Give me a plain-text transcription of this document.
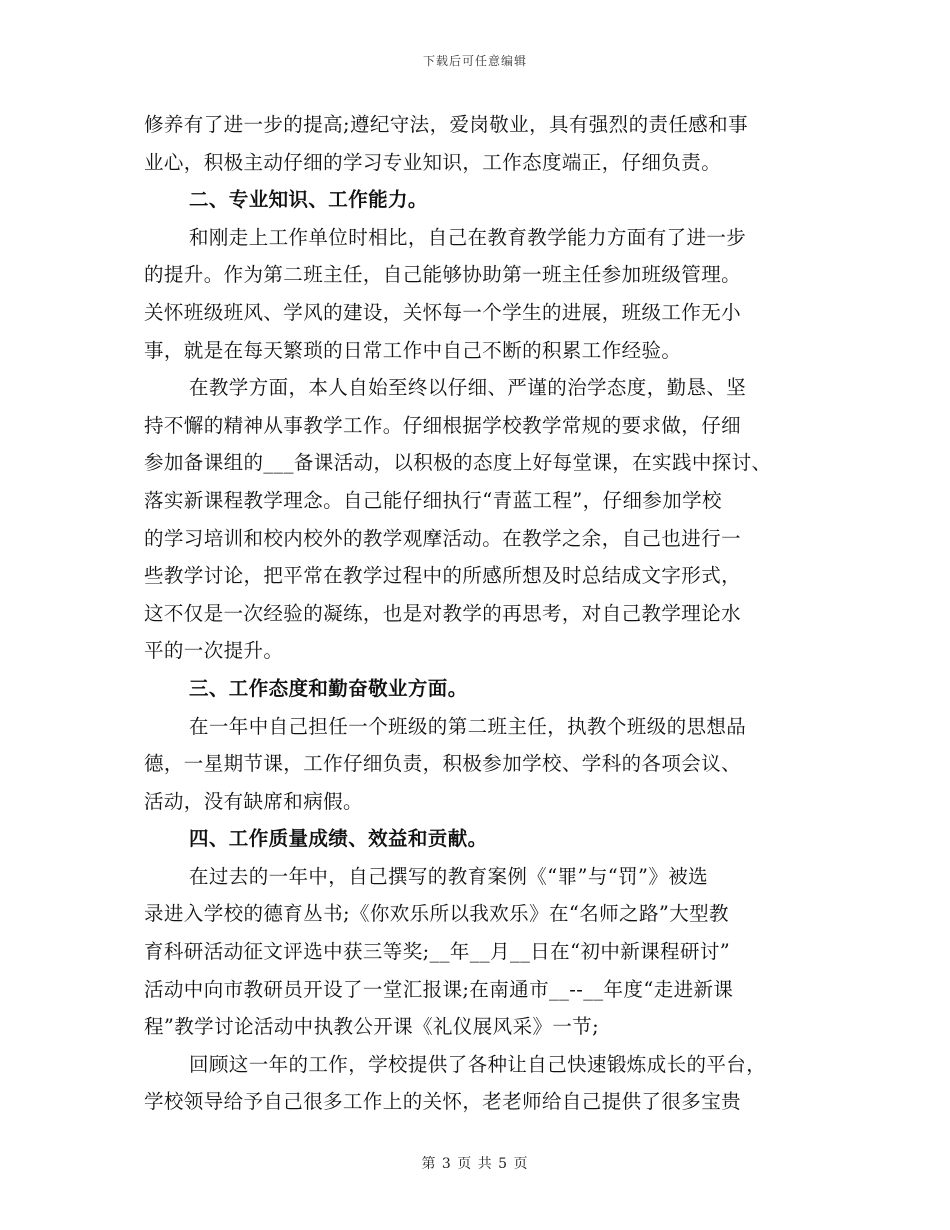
下载后可任意编辑
修养有了进一步的提高;遵纪守法，爱岗敬业，具有强烈的责任感和事
业心，积极主动仔细的学习专业知识，工作态度端正，仔细负责。
二、专业知识、工作能力。
和刚走上工作单位时相比，自己在教育教学能力方面有了进一步
的提升。作为第二班主任，自己能够协助第一班主任参加班级管理。
关怀班级班风、学风的建设，关怀每一个学生的进展，班级工作无小
事，就是在每天繁琐的日常工作中自己不断的积累工作经验。
在教学方面，本人自始至终以仔细、严谨的治学态度，勤恳、坚
持不懈的精神从事教学工作。仔细根据学校教学常规的要求做，仔细
参加备课组的___备课活动，以积极的态度上好每堂课，在实践中探讨、
落实新课程教学理念。自己能仔细执行“青蓝工程”，仔细参加学校
的学习培训和校内校外的教学观摩活动。在教学之余，自己也进行一
些教学讨论，把平常在教学过程中的所感所想及时总结成文字形式，
这不仅是一次经验的凝练，也是对教学的再思考，对自己教学理论水
平的一次提升。
三、工作态度和勤奋敬业方面。
在一年中自己担任一个班级的第二班主任，执教个班级的思想品
德，一星期节课，工作仔细负责，积极参加学校、学科的各项会议、
活动，没有缺席和病假。
四、工作质量成绩、效益和贡献。
在过去的一年中，自己撰写的教育案例《“罪”与“罚”》被选
录进入学校的德育丛书;《你欢乐所以我欢乐》在“名师之路”大型教
育科研活动征文评选中获三等奖;__年__月__日在“初中新课程研讨”
活动中向市教研员开设了一堂汇报课;在南通市__--__年度“走进新课
程”教学讨论活动中执教公开课《礼仪展风采》一节;
回顾这一年的工作，学校提供了各种让自己快速锻炼成长的平台，
学校领导给予自己很多工作上的关怀，老老师给自己提供了很多宝贵
第 3 页 共 5 页
